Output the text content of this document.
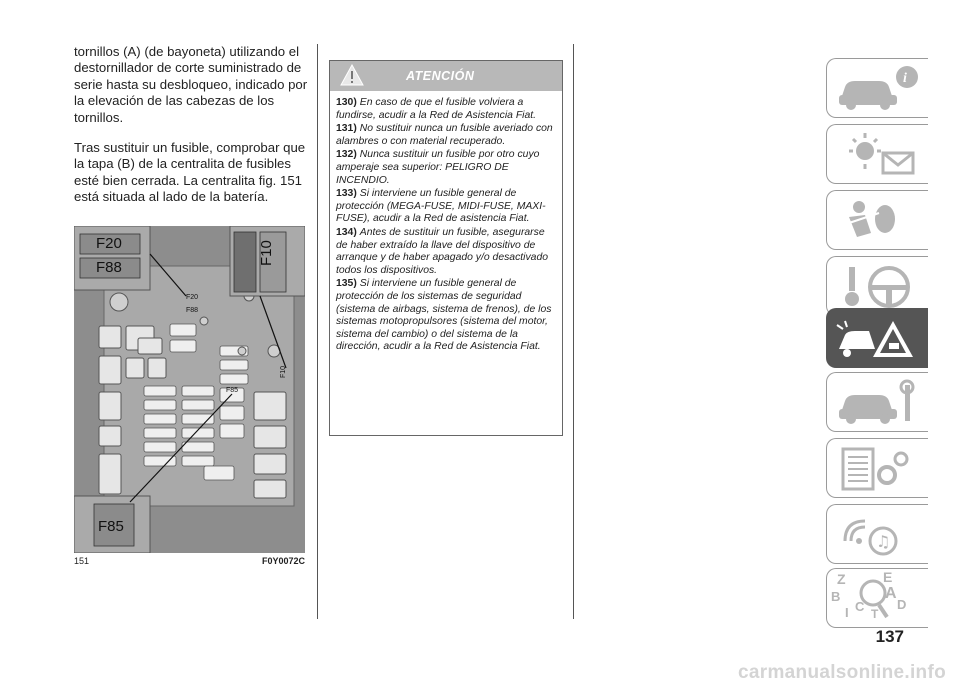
tornillos (A) (de bayoneta) utilizando el destornillador de corte suministrado de serie hasta su desbloqueo, indicado por la elevación de las cabezas de los tornillos.

Tras sustituir un fusible, comprobar que la tapa (B) de la centralita de fusibles esté bien cerrada. La centralita fig. 151 está situada al lado de la batería.

F20
F88
F10
F85
F20
F88
F85
F10
151	F0Y0072C
ATENCIÓN
130) En caso de que el fusible volviera a fundirse, acudir a la Red de Asistencia Fiat.
131) No sustituir nunca un fusible averiado con alambres o con material recuperado.
132) Nunca sustituir un fusible por otro cuyo amperaje sea superior: PELIGRO DE INCENDIO.
133) Si interviene un fusible general de protección (MEGA-FUSE, MIDI-FUSE, MAXI-FUSE), acudir a la Red de asistencia Fiat.
134) Antes de sustituir un fusible, asegurarse de haber extraído la llave del dispositivo de arranque y de haber apagado y/o desactivado todos los dispositivos.
135) Si interviene un fusible general de protección de los sistemas de seguridad (sistema de airbags, sistema de frenos), de los sistemas motopropulsores (sistema del motor, sistema del cambio) o del sistema de la dirección, acudir a la Red de Asistencia Fiat.
i
♫
Z	E
B	A
I C T
D
137
carmanualsonline.info
